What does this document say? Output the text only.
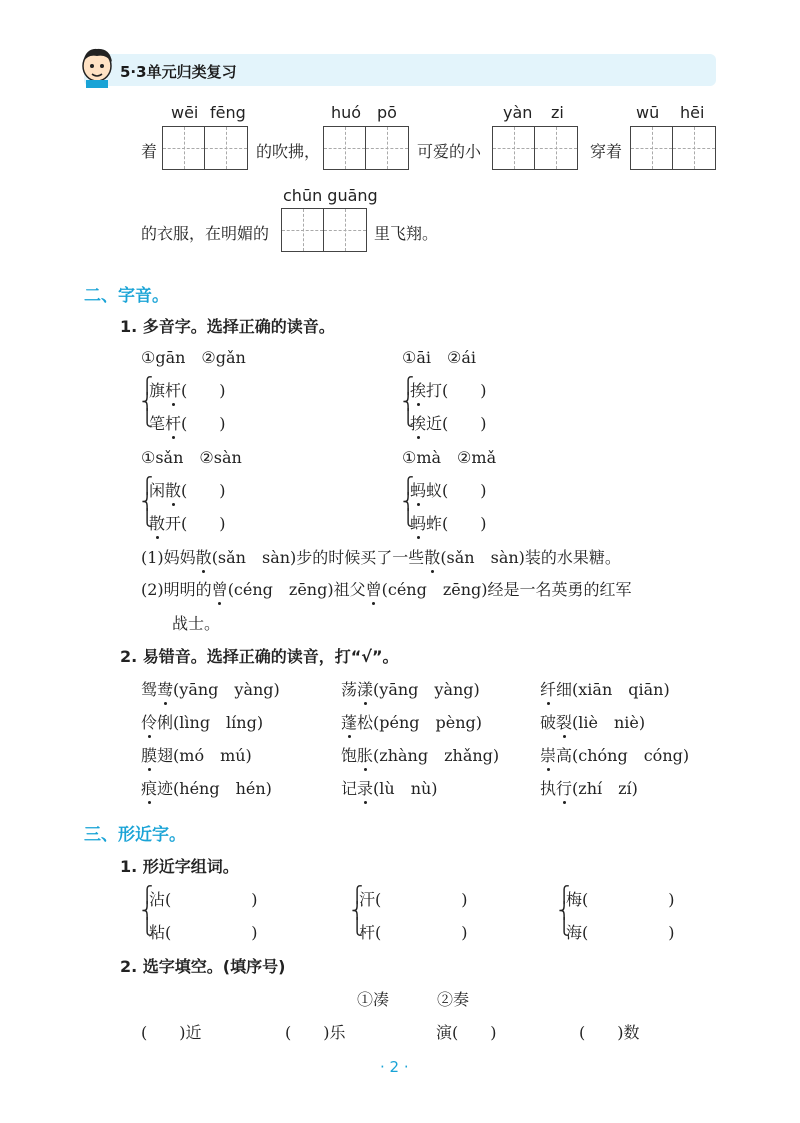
5·3单元归类复习
wēi fēng	huó pō	yàn zi	wū hēi
着	的吹拂，	可爱的小	穿着
chūn guāng
的衣服，在明媚的	里飞翔。
二、字音。
1. 多音字。选择正确的读音。
①gān　②gǎn
⎧
⎨
⎩
旗杆(　　)
笔杆(　　)
①āi　②ái
⎧
⎨
⎩
挨打(　　)
挨近(　　)
①sǎn　②sàn
⎧
⎨
⎩
闲散(　　)
散开(　　)
①mà　②mǎ
⎧
⎨
⎩
蚂蚁(　　)
蚂蚱(　　)
(1)妈妈散(sǎn　sàn)步的时候买了一些散(sǎn　sàn)装的水果糖。
(2)明明的曾(céng　zēng)祖父曾(céng　zēng)经是一名英勇的红军
战士。
2. 易错音。选择正确的读音，打“√”。
鸳鸯(yāng　yàng)	荡漾(yāng　yàng)	纤细(xiān　qiān)
伶俐(lìng　líng)	蓬松(péng　pèng)	破裂(liè　niè)
膜翅(mó　mú)	饱胀(zhàng　zhǎng)	崇高(chóng　cóng)
痕迹(héng　hén)	记录(lù　nù)	执行(zhí　zí)
三、形近字。
1. 形近字组词。
⎧
⎨
⎩
沾(　　　　　)
粘(　　　　　)
⎧
⎨
⎩
汗(　　　　　)
杆(　　　　　)
⎧
⎨
⎩
梅(　　　　　)
海(　　　　　)
2. 选字填空。(填序号)
①凑　　　②奏
(　　)近	(　　)乐	演(　　)	(　　)数
· 2 ·
